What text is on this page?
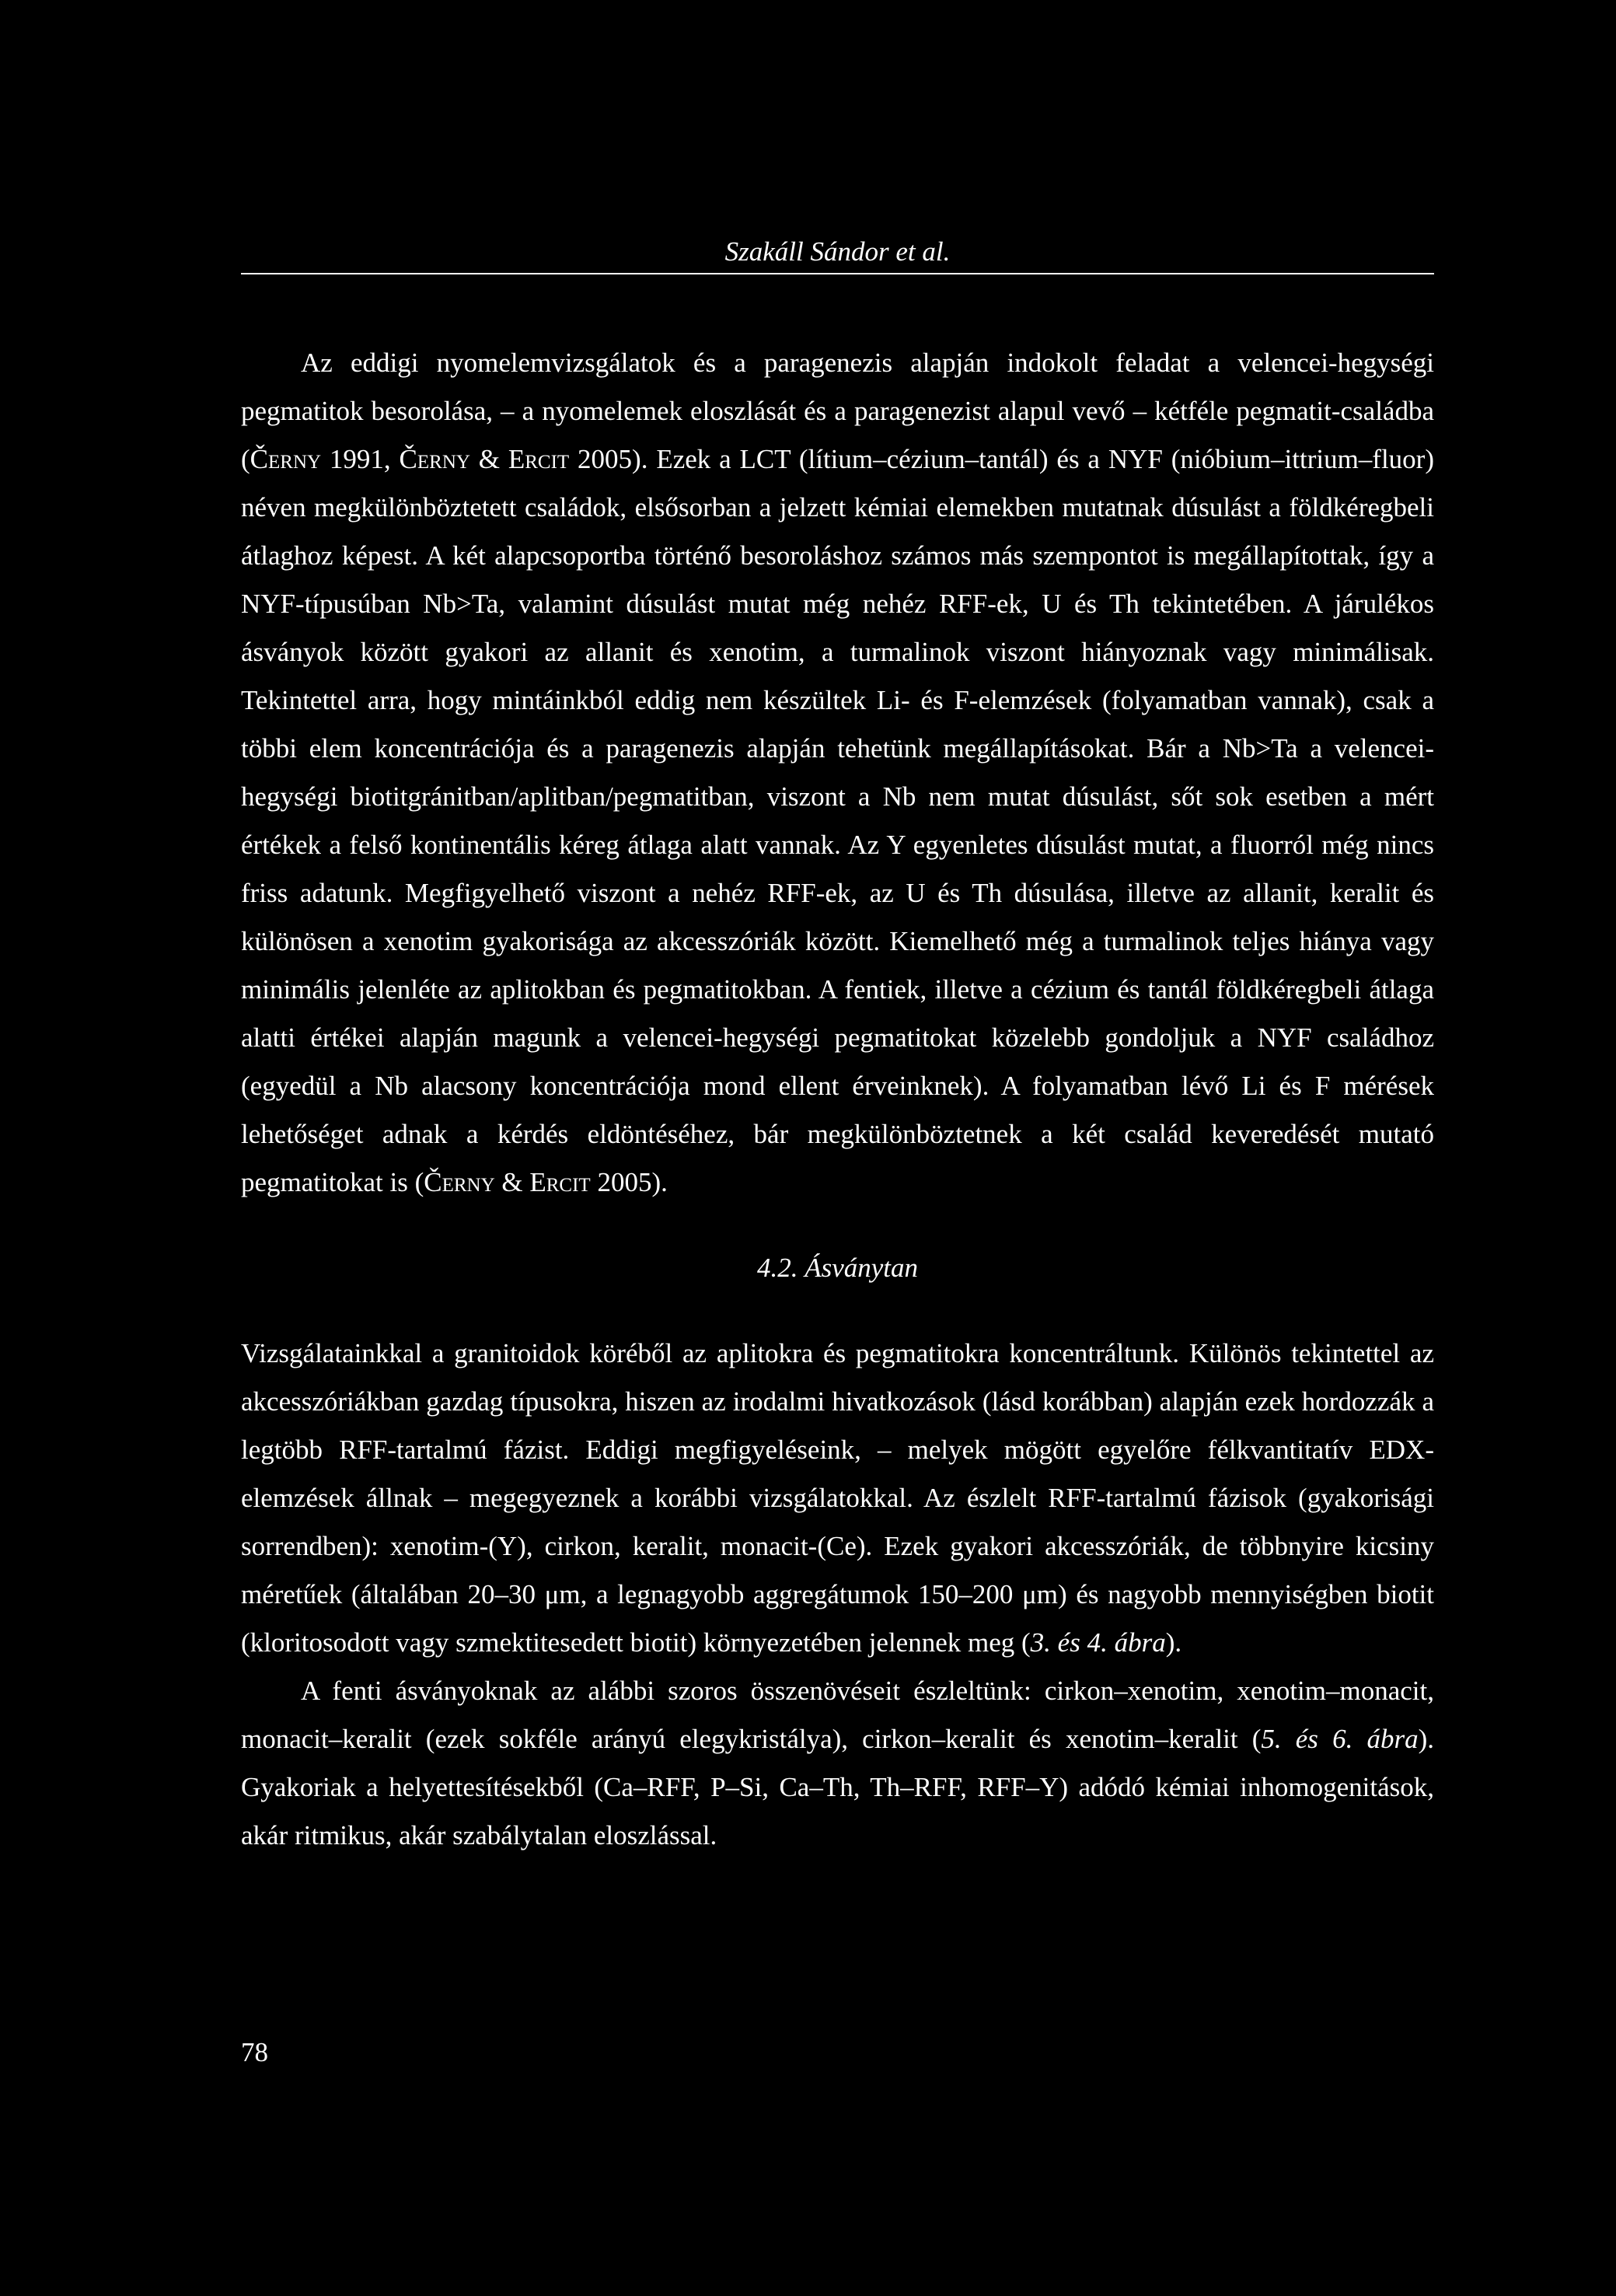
Szakáll Sándor et al.

Az eddigi nyomelemvizsgálatok és a paragenezis alapján indokolt feladat a velencei-hegységi pegmatitok besorolása, – a nyomelemek eloszlását és a paragenezist alapul vevő – kétféle pegmatit-családba (Černy 1991, Černy & Ercit 2005). Ezek a LCT (lítium–cézium–tantál) és a NYF (nióbium–ittrium–fluor) néven megkülönböztetett családok, elsősorban a jelzett kémiai elemekben mutatnak dúsulást a földkéregbeli átlaghoz képest. A két alapcsoportba történő besoroláshoz számos más szempontot is megállapítottak, így a NYF-típusúban Nb>Ta, valamint dúsulást mutat még nehéz RFF-ek, U és Th tekintetében. A járulékos ásványok között gyakori az allanit és xenotim, a turmalinok viszont hiányoznak vagy minimálisak. Tekintettel arra, hogy mintáinkból eddig nem készültek Li- és F-elemzések (folyamatban vannak), csak a többi elem koncentrációja és a paragenezis alapján tehetünk megállapításokat. Bár a Nb>Ta a velencei-hegységi biotitgránitban/aplitban/pegmatitban, viszont a Nb nem mutat dúsulást, sőt sok esetben a mért értékek a felső kontinentális kéreg átlaga alatt vannak. Az Y egyenletes dúsulást mutat, a fluorról még nincs friss adatunk. Megfigyelhető viszont a nehéz RFF-ek, az U és Th dúsulása, illetve az allanit, keralit és különösen a xenotim gyakorisága az akcesszóriák között. Kiemelhető még a turmalinok teljes hiánya vagy minimális jelenléte az aplitokban és pegmatitokban. A fentiek, illetve a cézium és tantál földkéregbeli átlaga alatti értékei alapján magunk a velencei-hegységi pegmatitokat közelebb gondoljuk a NYF családhoz (egyedül a Nb alacsony koncentrációja mond ellent érveinknek). A folyamatban lévő Li és F mérések lehetőséget adnak a kérdés eldöntéséhez, bár megkülönböztetnek a két család keveredését mutató pegmatitokat is (Černy & Ercit 2005).

4.2. Ásványtan

Vizsgálatainkkal a granitoidok köréből az aplitokra és pegmatitokra koncentráltunk. Különös tekintettel az akcesszóriákban gazdag típusokra, hiszen az irodalmi hivatkozások (lásd korábban) alapján ezek hordozzák a legtöbb RFF-tartalmú fázist. Eddigi megfigyeléseink, – melyek mögött egyelőre félkvantitatív EDX-elemzések állnak – megegyeznek a korábbi vizsgálatokkal. Az észlelt RFF-tartalmú fázisok (gyakorisági sorrendben): xenotim-(Y), cirkon, keralit, monacit-(Ce). Ezek gyakori akcesszóriák, de többnyire kicsiny méretűek (általában 20–30 μm, a legnagyobb aggregátumok 150–200 μm) és nagyobb mennyiségben biotit (kloritosodott vagy szmektitesedett biotit) környezetében jelennek meg (3. és 4. ábra).

A fenti ásványoknak az alábbi szoros összenövéseit észleltünk: cirkon–xenotim, xenotim–monacit, monacit–keralit (ezek sokféle arányú elegykristálya), cirkon–keralit és xenotim–keralit (5. és 6. ábra). Gyakoriak a helyettesítésekből (Ca–RFF, P–Si, Ca–Th, Th–RFF, RFF–Y) adódó kémiai inhomogenitások, akár ritmikus, akár szabálytalan eloszlással.

78
